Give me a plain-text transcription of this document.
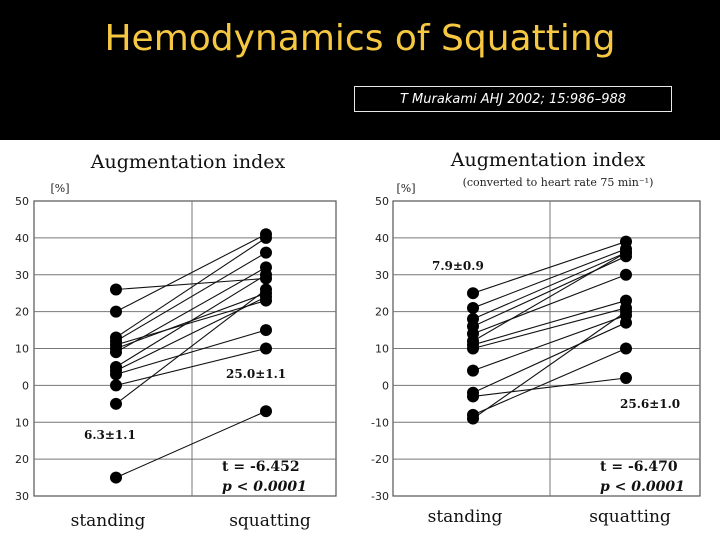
Hemodynamics of Squatting
T Murakami AHJ 2002; 15:986–988
Augmentation index
[%]
Augmentation index
(converted to heart rate 75 min⁻¹)
[%]
6.3±1.1
25.0±1.1
t = -6.452
p < 0.0001
7.9±0.9
25.6±1.0
t = -6.470
p < 0.0001
50
40
30
20
10
0
10
20
30
standing	squatting
50
40
30
20
10
0
-10
-20
-30
standing	squatting
